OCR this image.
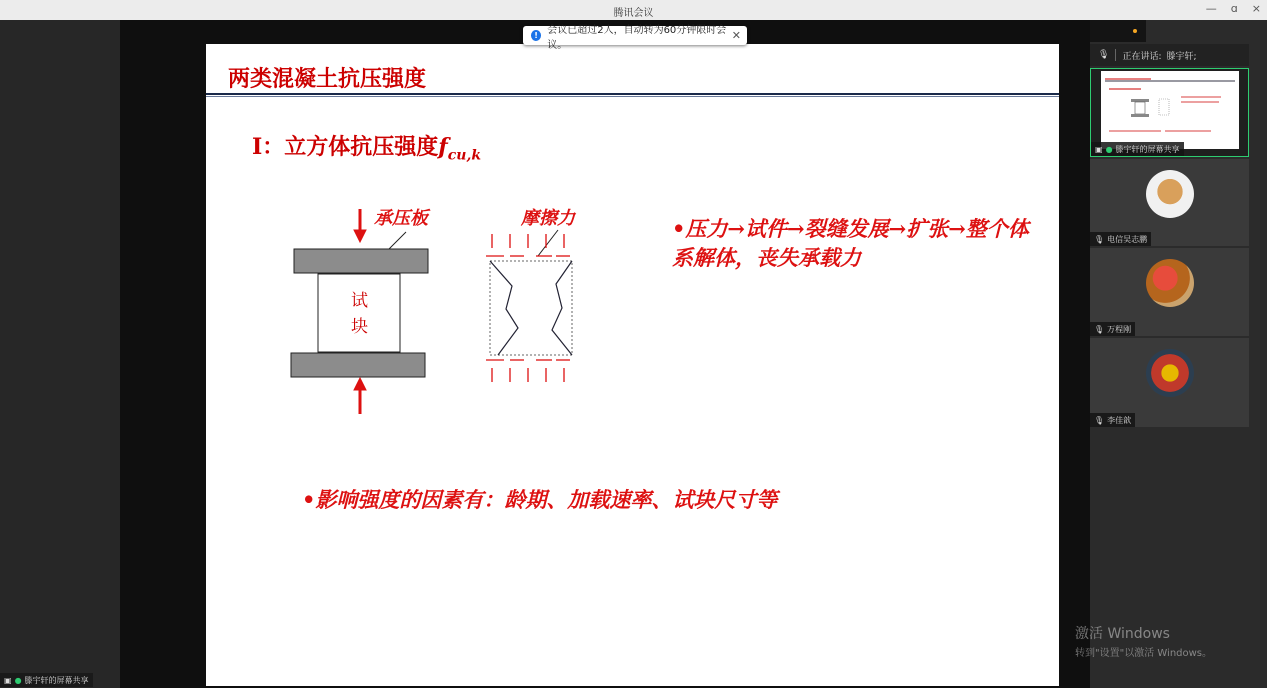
腾讯会议	— ɑ ×
两类混凝土抗压强度
Ⅰ：立方体抗压强度$f_{cu,k}$
承压板
试
块
摩擦力	•压力→试件→裂缝发展→扩张→整个体系解体，丧失承载力
•影响强度的因素有：龄期、加载速率、试块尺寸等
! 会议已超过2人，自动转为60分钟限时会议。
✕
🎙 正在讲话: 滕宇轩;
▣ ● 滕宇轩的屏幕共享
🎙 电信吴志鹏
🎙 万程刚
🎙 李佳歆
激活 Windows
转到"设置"以激活 Windows。
▣ ● 滕宇轩的屏幕共享
